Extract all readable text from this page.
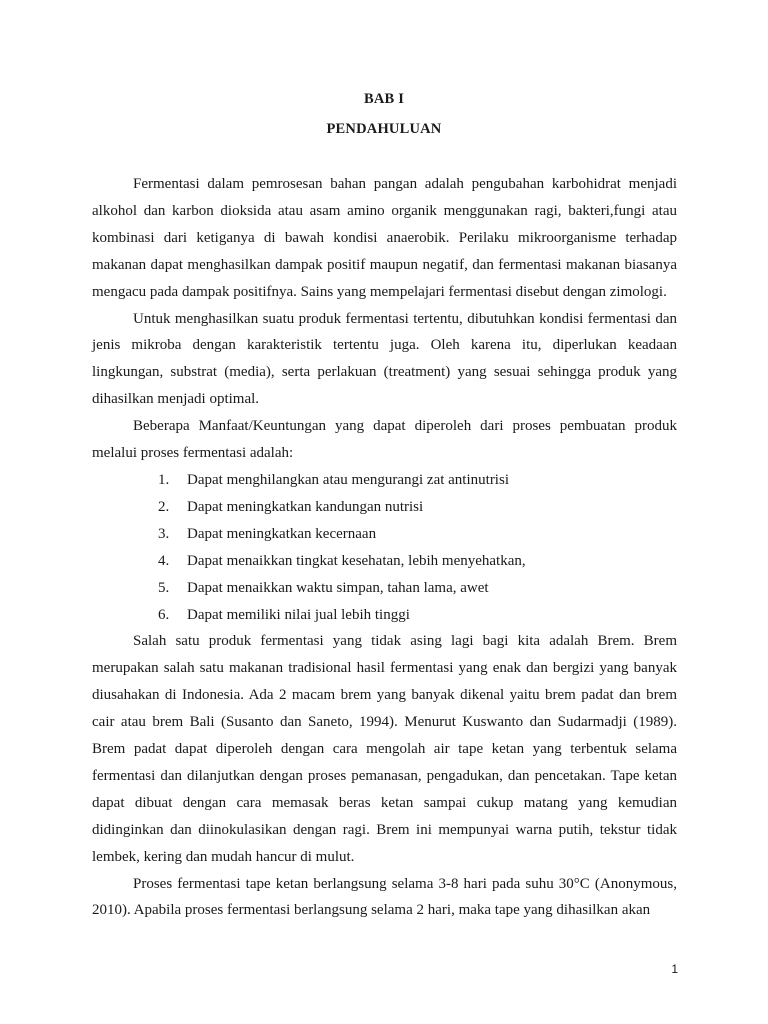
BAB I
PENDAHULUAN

Fermentasi dalam pemrosesan bahan pangan adalah pengubahan karbohidrat menjadi alkohol dan karbon dioksida atau asam amino organik menggunakan ragi, bakteri,fungi atau kombinasi dari ketiganya di bawah kondisi anaerobik. Perilaku mikroorganisme terhadap makanan dapat menghasilkan dampak positif maupun negatif, dan fermentasi makanan biasanya mengacu pada dampak positifnya. Sains yang mempelajari fermentasi disebut dengan zimologi.

Untuk menghasilkan suatu produk fermentasi tertentu, dibutuhkan kondisi fermentasi dan jenis mikroba dengan karakteristik tertentu juga. Oleh karena itu, diperlukan keadaan lingkungan, substrat (media), serta perlakuan (treatment) yang sesuai sehingga produk yang dihasilkan menjadi optimal.

Beberapa Manfaat/Keuntungan yang dapat diperoleh dari proses pembuatan produk melalui proses fermentasi adalah:

1.	Dapat menghilangkan atau mengurangi zat antinutrisi
2.	Dapat meningkatkan kandungan nutrisi
3.	Dapat meningkatkan kecernaan
4.	Dapat menaikkan tingkat kesehatan, lebih menyehatkan,
5.	Dapat menaikkan waktu simpan, tahan lama, awet
6.	Dapat memiliki nilai jual lebih tinggi

Salah satu produk fermentasi yang tidak asing lagi bagi kita adalah Brem. Brem merupakan salah satu makanan tradisional hasil fermentasi yang enak dan bergizi yang banyak diusahakan di Indonesia. Ada 2 macam brem yang banyak dikenal yaitu brem padat dan brem cair atau brem Bali (Susanto dan Saneto, 1994). Menurut Kuswanto dan Sudarmadji (1989). Brem padat dapat diperoleh dengan cara mengolah air tape ketan yang terbentuk selama fermentasi dan dilanjutkan dengan proses pemanasan, pengadukan, dan pencetakan. Tape ketan dapat dibuat dengan cara memasak beras ketan sampai cukup matang yang kemudian didinginkan dan diinokulasikan dengan ragi. Brem ini mempunyai warna putih, tekstur tidak lembek, kering dan mudah hancur di mulut.

Proses fermentasi tape ketan berlangsung selama 3-8 hari pada suhu 30°C (Anonymous, 2010). Apabila proses fermentasi berlangsung selama 2 hari, maka tape yang dihasilkan akan

1
